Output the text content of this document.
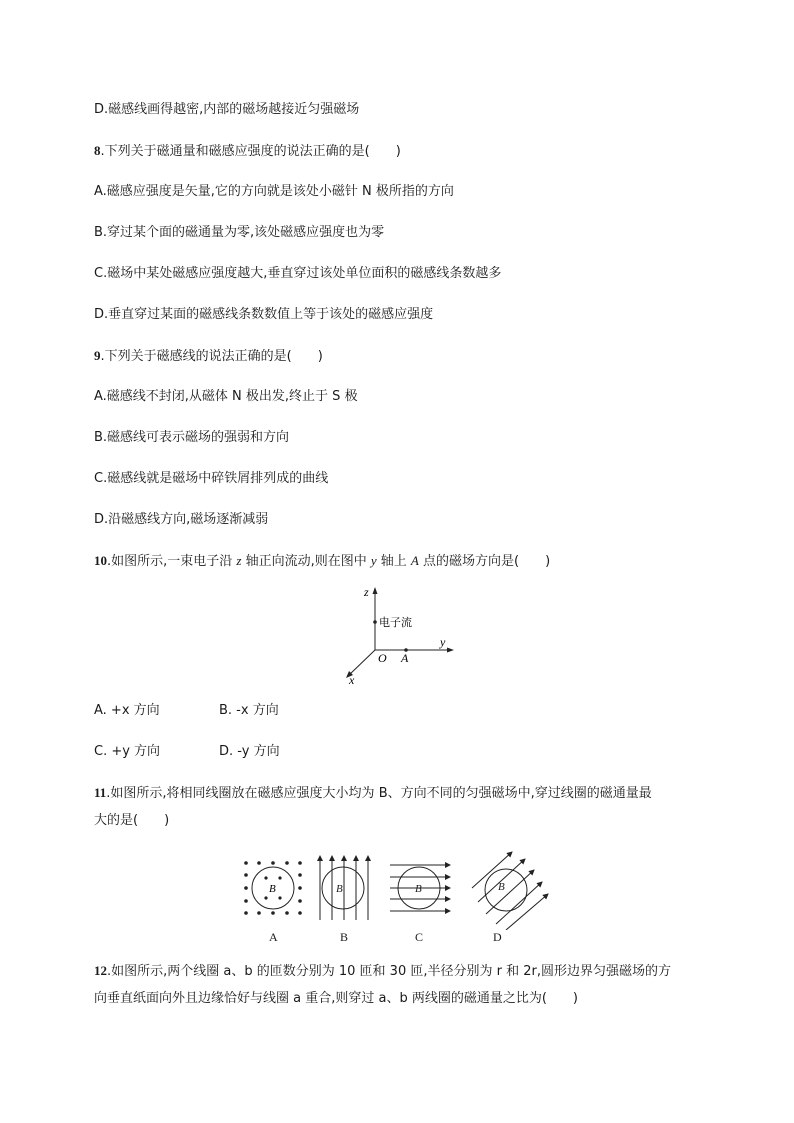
D.磁感线画得越密,内部的磁场越接近匀强磁场
8.下列关于磁通量和磁感应强度的说法正确的是(　　)
A.磁感应强度是矢量,它的方向就是该处小磁针 N 极所指的方向
B.穿过某个面的磁通量为零,该处磁感应强度也为零
C.磁场中某处磁感应强度越大,垂直穿过该处单位面积的磁感线条数越多
D.垂直穿过某面的磁感线条数数值上等于该处的磁感应强度
9.下列关于磁感线的说法正确的是(　　)
A.磁感线不封闭,从磁体 N 极出发,终止于 S 极
B.磁感线可表示磁场的强弱和方向
C.磁感线就是磁场中碎铁屑排列成的曲线
D.沿磁感线方向,磁场逐渐减弱
10.如图所示,一束电子沿 z 轴正向流动,则在图中 y 轴上 A 点的磁场方向是(　　)
z
y
x
O A
电子流
A. +x 方向	B. -x 方向
C. +y 方向	D. -y 方向
11.如图所示,将相同线圈放在磁感应强度大小均为 B、方向不同的匀强磁场中,穿过线圈的磁通量最
大的是(　　)
B	B	B	B
A	B	C	D
12.如图所示,两个线圈 a、b 的匝数分别为 10 匝和 30 匝,半径分别为 r 和 2r,圆形边界匀强磁场的方
向垂直纸面向外且边缘恰好与线圈 a 重合,则穿过 a、b 两线圈的磁通量之比为(　　)
